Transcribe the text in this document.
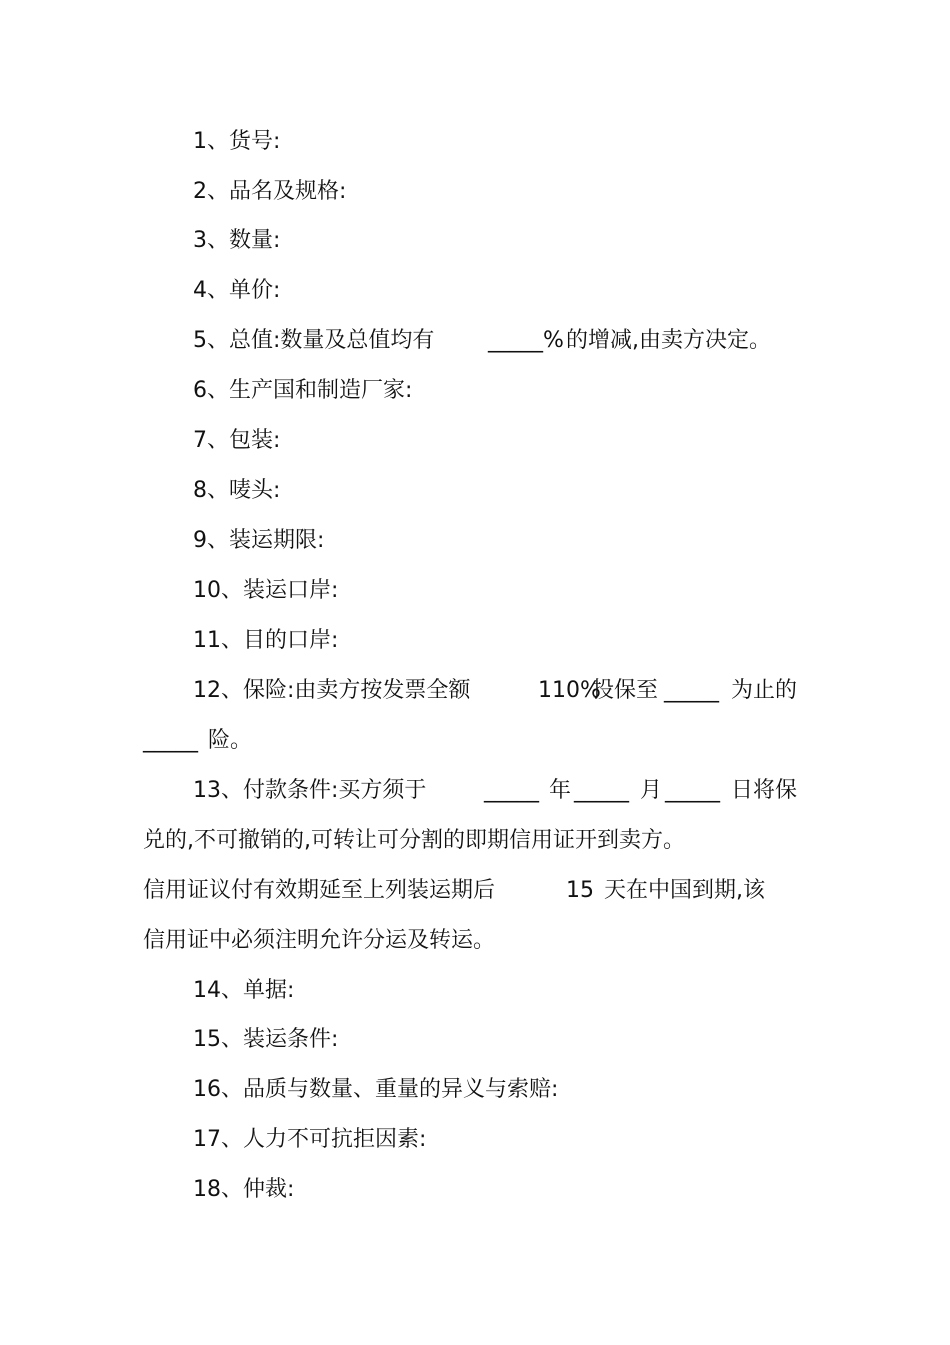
1、货号:
2、品名及规格:
3、数量:
4、单价:
5、总值:数量及总值均有 _____% 的增减,由卖方决定。
6、生产国和制造厂家:
7、包装:
8、唛头:
9、装运期限:
10、装运口岸:
11、目的口岸:
12、保险:由卖方按发票全额	110%
投保至 _____ 为止的
_____ 险。
13、付款条件:买方须于	_____ 年 _____ 月 _____ 日将保
兑的,不可撤销的,可转让可分割的即期信用证开到卖方。
信用证议付有效期延至上列装运期后	15 天在中国到期,该
信用证中必须注明允许分运及转运。
14、单据:
15、装运条件:
16、品质与数量、重量的异义与索赔:
17、人力不可抗拒因素:
18、仲裁:
